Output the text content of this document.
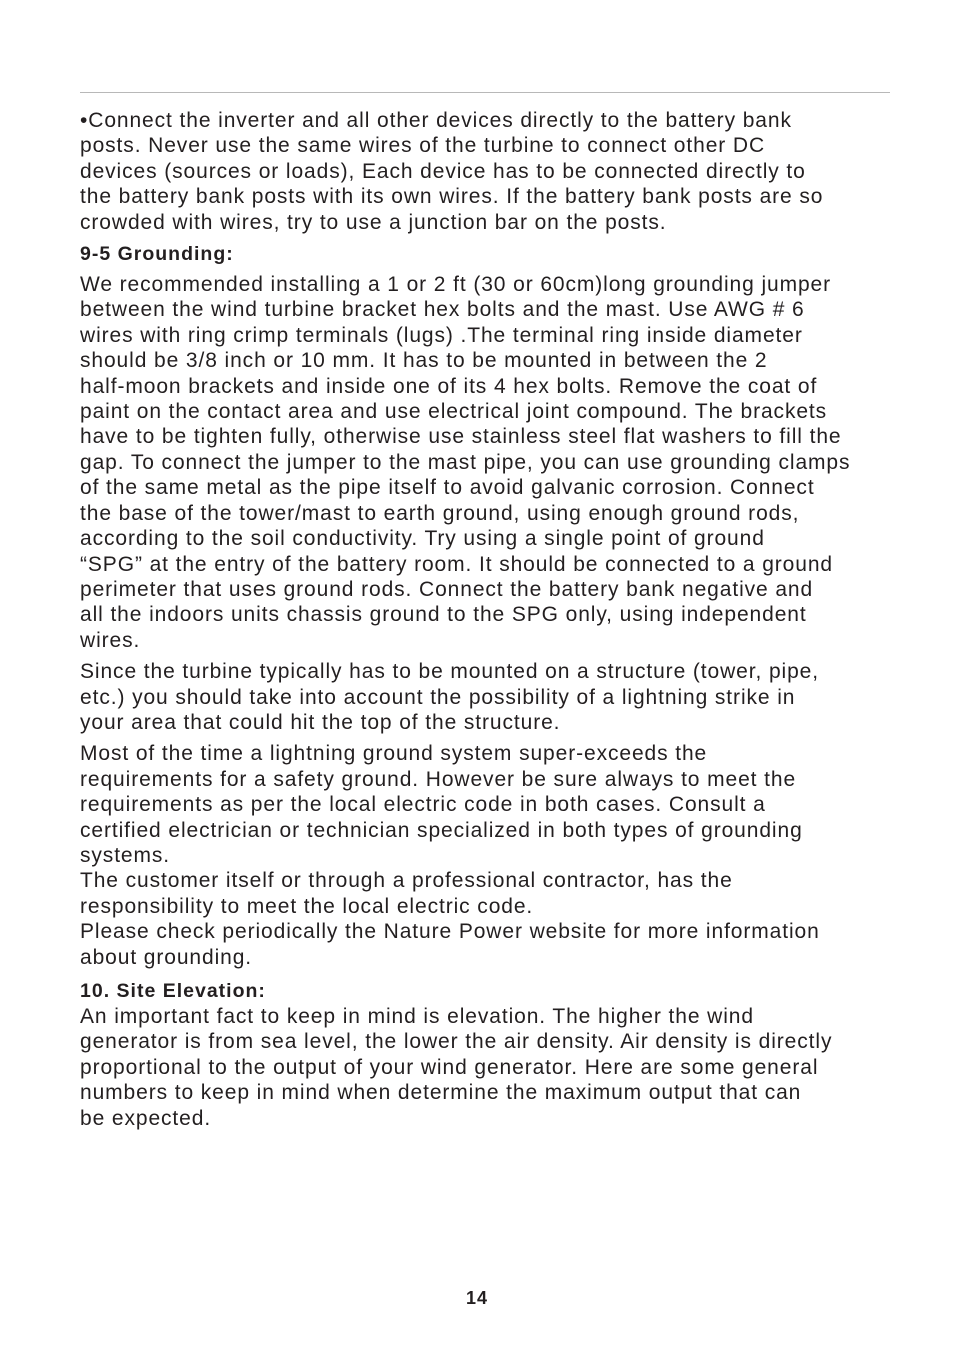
•Connect the inverter and all other devices directly to the battery bank
posts. Never use the same wires of the turbine to connect other DC
devices (sources or loads), Each device has to be connected directly to
the battery bank posts with its own wires. If the battery bank posts are so
crowded with wires, try to use a junction bar on the posts.

9-5 Grounding:

We recommended installing a 1 or 2 ft (30 or 60cm)long grounding jumper
between the wind turbine bracket hex bolts and the mast. Use AWG # 6
wires with ring crimp terminals (lugs) .The terminal ring inside diameter
should be 3/8 inch or 10 mm. It has to be mounted in between the 2
half-moon brackets and inside one of its 4 hex bolts. Remove the coat of
paint on the contact area and use electrical joint compound. The brackets
have to be tighten fully, otherwise use stainless steel flat washers to fill the
gap. To connect the jumper to the mast pipe, you can use grounding clamps
of the same metal as the pipe itself to avoid galvanic corrosion. Connect
the base of the tower/mast to earth ground, using enough ground rods,
according to the soil conductivity. Try using a single point of ground
“SPG” at the entry of the battery room. It should be connected to a ground
perimeter that uses ground rods. Connect the battery bank negative and
all the indoors units chassis ground to the SPG only, using independent
wires.

Since the turbine typically has to be mounted on a structure (tower, pipe,
etc.) you should take into account the possibility of a lightning strike in
your area that could hit the top of the structure.

Most of the time a lightning ground system super-exceeds the
requirements for a safety ground. However be sure always to meet the
requirements as per the local electric code in both cases. Consult a
certified electrician or technician specialized in both types of grounding
systems.

The customer itself or through a professional contractor, has the
responsibility to meet the local electric code.

Please check periodically the Nature Power website for more information
about grounding.

10. Site Elevation:

An important fact to keep in mind is elevation. The higher the wind
generator is from sea level, the lower the air density. Air density is directly
proportional to the output of your wind generator. Here are some general
numbers to keep in mind when determine the maximum output that can
be expected.

14
